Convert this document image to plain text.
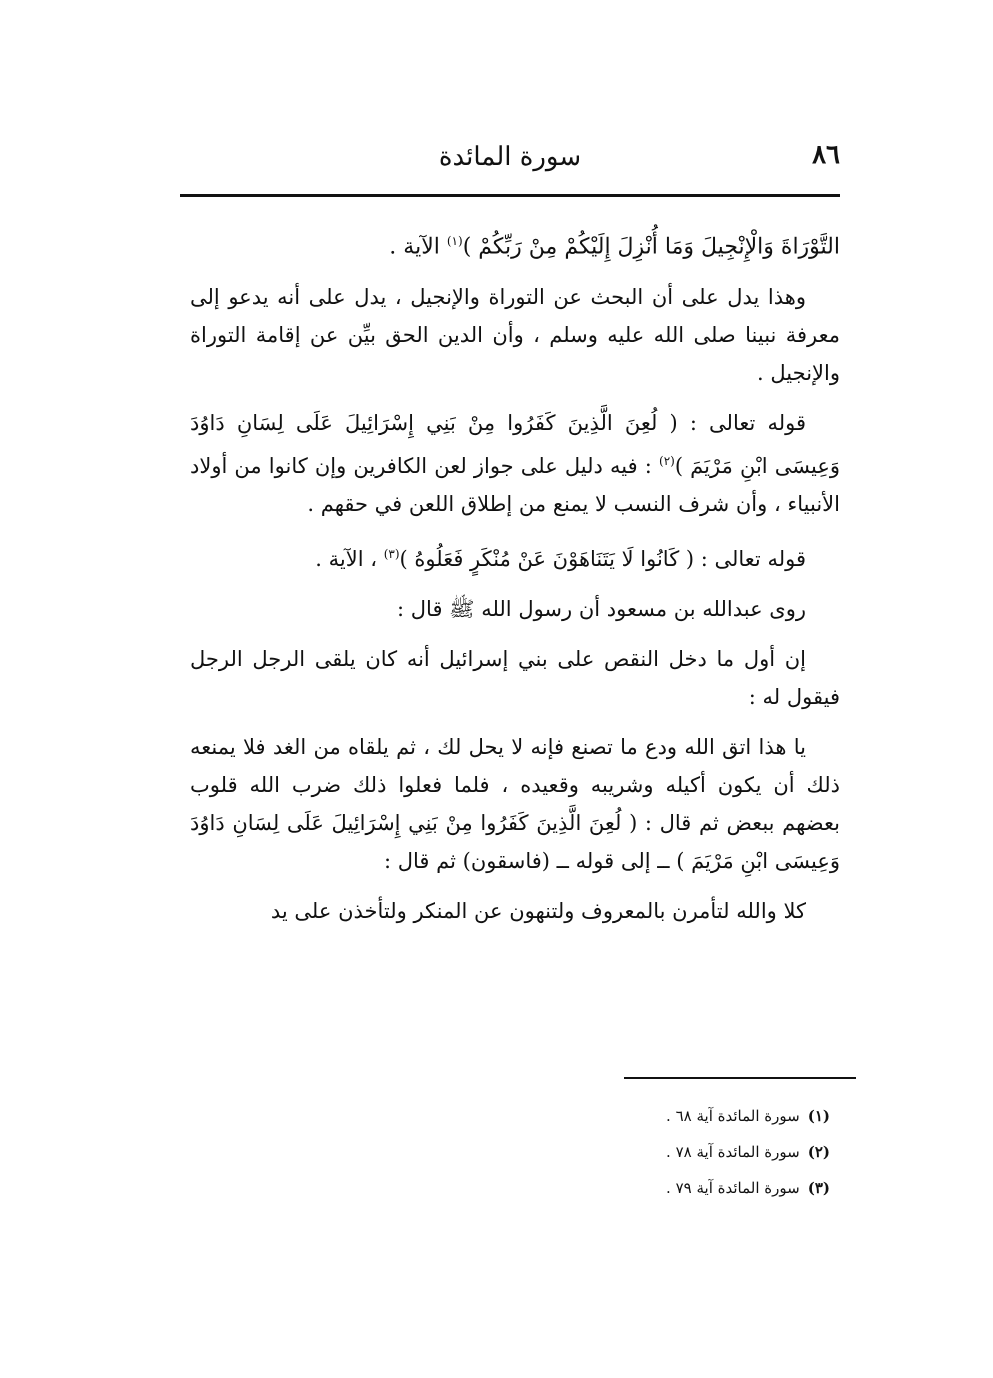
٨٦
سورة المائدة

التَّوْرَاةَ وَالْإِنْجِيلَ وَمَا أُنْزِلَ إِلَيْكُمْ مِنْ رَبِّكُمْ )$^{(١)}$ الآية .

وهذا يدل على أن البحث عن التوراة والإنجيل ، يدل على أنه يدعو إلى معرفة نبينا صلى الله عليه وسلم ، وأن الدين الحق بيِّن عن إقامة التوراة والإنجيل .

قوله تعالى : ( لُعِنَ الَّذِينَ كَفَرُوا مِنْ بَنِي إِسْرَائِيلَ عَلَى لِسَانِ دَاوُدَ وَعِيسَى ابْنِ مَرْيَمَ )$^{(٢)}$ : فيه دليل على جواز لعن الكافرين وإن كانوا من أولاد الأنبياء ، وأن شرف النسب لا يمنع من إطلاق اللعن في حقهم .

قوله تعالى : ( كَانُوا لَا يَتَنَاهَوْنَ عَنْ مُنْكَرٍ فَعَلُوهُ )$^{(٣)}$ ، الآية .

روى عبدالله بن مسعود أن رسول الله ﷺ قال :

إن أول ما دخل النقص على بني إسرائيل أنه كان يلقى الرجل الرجل فيقول له :

يا هذا اتق الله ودع ما تصنع فإنه لا يحل لك ، ثم يلقاه من الغد فلا يمنعه ذلك أن يكون أكيله وشريبه وقعيده ، فلما فعلوا ذلك ضرب الله قلوب بعضهم ببعض ثم قال : ( لُعِنَ الَّذِينَ كَفَرُوا مِنْ بَنِي إِسْرَائِيلَ عَلَى لِسَانِ دَاوُدَ وَعِيسَى ابْنِ مَرْيَمَ ) ــ إلى قوله ــ (فاسقون) ثم قال :

كلا والله لتأمرن بالمعروف ولتنهون عن المنكر ولتأخذن على يد

(١)سورة المائدة آية ٦٨ .
(٢)سورة المائدة آية ٧٨ .
(٣)سورة المائدة آية ٧٩ .
